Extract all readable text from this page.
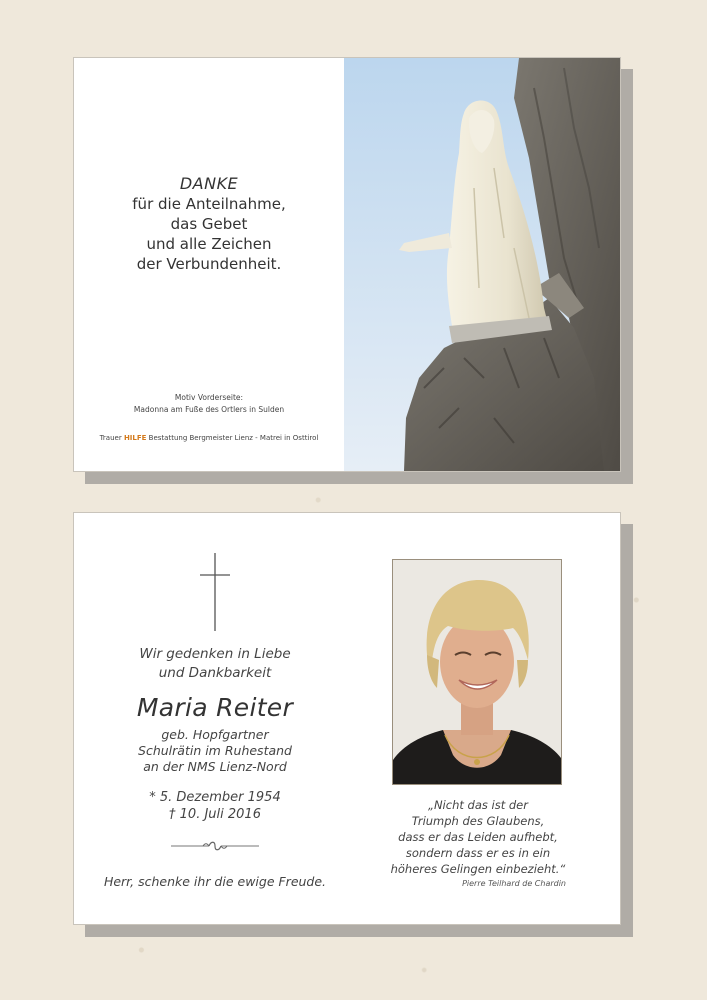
DANKE
für die Anteilnahme,
das Gebet
und alle Zeichen
der Verbundenheit.
Motiv Vorderseite:
Madonna am Fuße des Ortlers in Sulden
Trauer HILFE Bestattung Bergmeister Lienz - Matrei in Osttirol
Wir gedenken in Liebe
und Dankbarkeit
Maria Reiter
geb. Hopfgartner
Schulrätin im Ruhestand
an der NMS Lienz-Nord
* 5. Dezember 1954
† 10. Juli 2016
Herr, schenke ihr die ewige Freude.
„Nicht das ist der
Triumph des Glaubens,
dass er das Leiden aufhebt,
sondern dass er es in ein
höheres Gelingen einbezieht.“
Pierre Teilhard de Chardin
